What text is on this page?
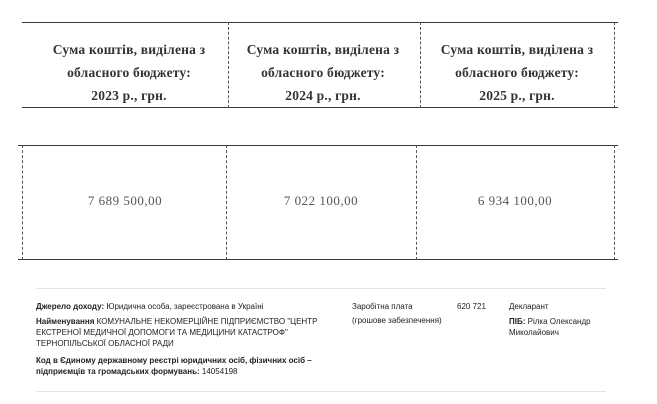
Сума коштів, виділена з
обласного бюджету:
2023 р., грн.
Сума коштів, виділена з
обласного бюджету:
2024 р., грн.
Сума коштів, виділена з
обласного бюджету:
2025 р., грн.
7 689 500,00	7 022 100,00	6 934 100,00
Джерело доходу: Юридична особа, зареєстрована в Україні
Найменування КОМУНАЛЬНЕ НЕКОМЕРЦІЙНЕ ПІДПРИЄМСТВО "ЦЕНТР
ЕКСТРЕНОЇ МЕДИЧНОЇ ДОПОМОГИ ТА МЕДИЦИНИ КАТАСТРОФ"
ТЕРНОПІЛЬСЬКОЇ ОБЛАСНОЇ РАДИ
Код в Єдиному державному реєстрі юридичних осіб, фізичних осіб –
підприємців та громадських формувань: 14054198
Заробітна плата
(грошове забезпечення)
620 721	Декларант
ПІБ: Рілка Олександр
Миколайович
